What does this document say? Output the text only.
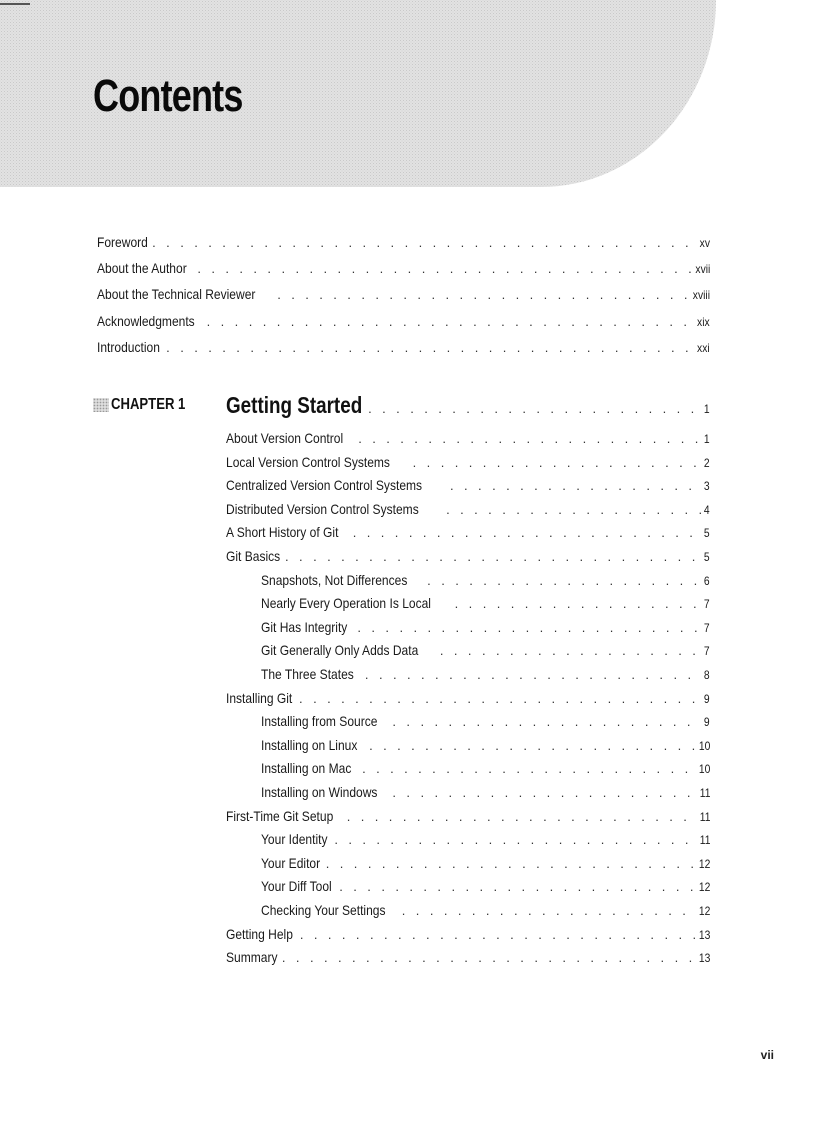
Contents
Foreword . . .	xv
About the Author . . .	xvii
About the Technical Reviewer . . .	xviii
Acknowledgments . . .	xix
Introduction . . .	xxi
CHAPTER 1 Getting Started . . .	1
About Version Control . . .	1
Local Version Control Systems . . .	2
Centralized Version Control Systems . . .	3
Distributed Version Control Systems . . .	4
A Short History of Git . . .	5
Git Basics . . .	5
Snapshots, Not Differences . . .	6
Nearly Every Operation Is Local . . .	7
Git Has Integrity . . .	7
Git Generally Only Adds Data . . .	7
The Three States . . .	8
Installing Git . . .	9
Installing from Source . . .	9
Installing on Linux . . .	10
Installing on Mac . . .	10
Installing on Windows . . .	11
First-Time Git Setup . . .	11
Your Identity . . .	11
Your Editor . . .	12
Your Diff Tool . . .	12
Checking Your Settings . . .	12
Getting Help . . .	13
Summary . . .	13
vii
